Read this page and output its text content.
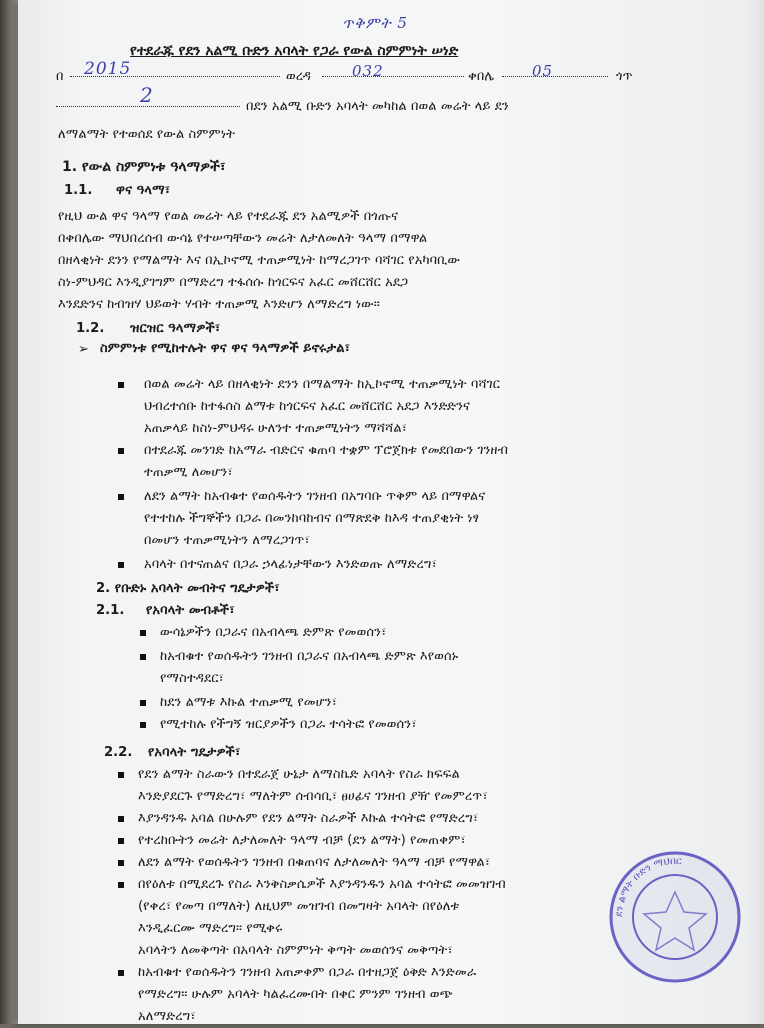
ጥቅምት 5
የተደራጁ የደን አልሚ ቡድን አባላት የጋራ የውል ስምምነት ሠነድ
በ 2015	ወረዳ	032	ቀበሌ	05	ጎጥ
2	በደን አልሚ ቡድን አባላት መካከል በወል መሬት ላይ ደን
ለማልማት የተወሰደ የውል ስምምነት
1. የውል ስምምነቱ ዓላማዎች፣
1.1. ዋና ዓላማ፣
የዚህ ውል ዋና ዓላማ የወል መሬት ላይ የተደራጁ ደን አልሚዎች በጎጡና
በቀበሌው ማህበረሰብ ውሳኔ የተሠጣቸውን መሬት ለታለመለት ዓላማ በማዋል
በዘላቂነት ደንን የማልማት እና በኢኮኖሚ ተጠቃሚነት ከማረጋገጥ ባሻገር የአካባቢው
ስነ-ምህዳር እንዲያገግም በማድረግ ተፋሰሱ ከጎርፍና አፈር መሸርሸር አደጋ
እንደድንና ከብዝሃ ህይወት ሃብት ተጠቃሚ እንድሆን ለማድረግ ነው።
1.2. ዝርዝር ዓላማዎች፣
➢ ስምምነቱ የሚከተሉት ዋና ዋና ዓላማዎች ይኖሩታል፣
በወል መሬት ላይ በዘላቂነት ደንን በማልማት ከኢኮኖሚ ተጠቃሚነት ባሻገር
ህብረተሰቡ ከተፋሰስ ልማቱ ከጎርፍና አፈር መሸርሸር አደጋ እንድድንና
አጠቃላይ ከስነ-ምህዳሩ ሁለንተ ተጠቃሚነትን ማሻሻል፣
በተደራጁ መንገድ ከአማራ ብድርና ቁጠባ ተቋም ፕሮጀክቱ የመደበውን ገንዘብ
ተጠቃሚ ለመሆን፣
ለደን ልማት ከአብቁተ የወሰዱትን ገንዘብ በአግባቡ ጥቅም ላይ በማዋልና
የተተከሉ ችግኞችን በጋራ በመንከባከብና በማጽደቅ ከእዳ ተጠያቂነት ነፃ
በመሆን ተጠቃሚነትን ለማረጋገጥ፣
አባላት በተናጠልና በጋራ ኃላፊነታቸውን እንድወጡ ለማድረግ፣
2. የቡድኑ አባላት መብትና ግዴታዎች፣
2.1. የአባላት መብቶች፣
ውሳኔዎችን በጋራና በአብላጫ ድምጽ የመወሰን፣
ከአብቁተ የወሰዱትን ገንዘብ በጋራና በአብላጫ ድምጽ እየወሰኑ
የማስተዳደር፣
ከደን ልማቱ እኩል ተጠቃሚ የመሆን፣
የሚተከሉ የችግኝ ዝርያዎችን በጋራ ተሳትፎ የመወሰን፣
2.2. የአባላት ግዴታዎች፣
የደን ልማት ስራውን በተደራጀ ሁኔታ ለማስኬድ አባላት የስራ ክፍፍል
እንድያደርጉ የማድረግ፣ ማለትም ሰብሳቢ፣ ፀሀፊና ገንዘብ ያዥ የመምረጥ፣
እያንዳንዱ አባል በሁሉም የደን ልማት ስራዎች እኩል ተሳትፎ የማድረግ፣
የተረከቡትን መሬት ለታለመለት ዓላማ ብቻ (ደን ልማት) የመጠቀም፣
ለደን ልማት የወሰዱትን ገንዘብ በቁጠባና ለታለመለት ዓላማ ብቻ የማዋል፣
በየዕለቱ በሚደረጉ የስራ እንቅስቃሴዎች እያንዳንዱን አባል ተሳትፎ መመዝገብ
(የቀረ፣ የመጣ በማለት) ለዚህም መዝገብ በመግዛት አባላት በየዕለቱ
እንዲፈርሙ ማድረግ። የሚቀሩ
አባላትን ለመቅጣት በአባላት ስምምነት ቅጣት መወሰንና መቅጣት፣
ከአብቁተ የወሰዱትን ገንዘብ አጠቃቀም በጋራ በተዘጋጀ ዕቅድ እንድመራ
የማድረግ። ሁሉም አባላት ካልፈረሙበት በቀር ምንም ገንዘብ ወጭ
አለማድረግ፣
ደን ልማት ቡድን ማህበር
